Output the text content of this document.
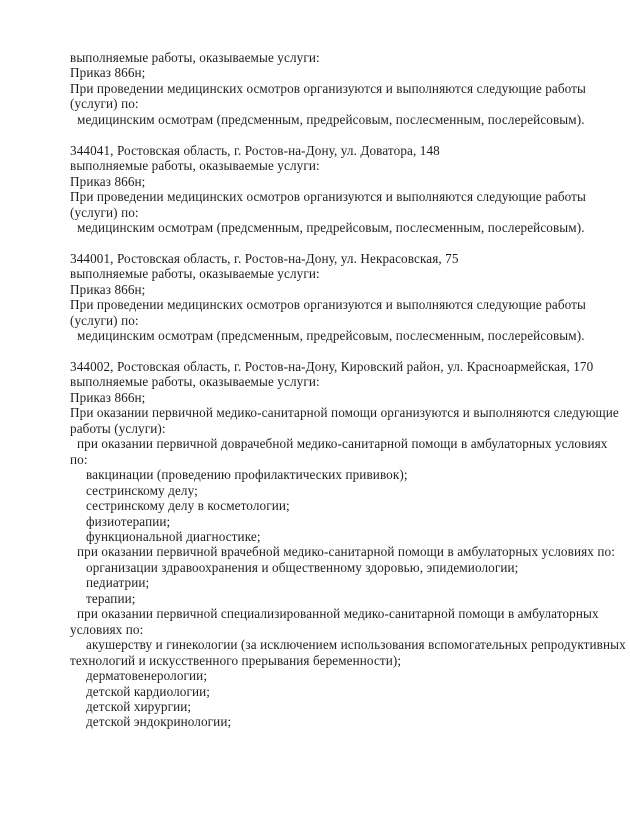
выполняемые работы, оказываемые услуги:
Приказ 866н;
При проведении медицинских осмотров организуются и выполняются следующие работы
(услуги) по:
медицинским осмотрам (предсменным, предрейсовым, послесменным, послерейсовым).
344041, Ростовская область, г. Ростов-на-Дону, ул. Доватора, 148
выполняемые работы, оказываемые услуги:
Приказ 866н;
При проведении медицинских осмотров организуются и выполняются следующие работы
(услуги) по:
медицинским осмотрам (предсменным, предрейсовым, послесменным, послерейсовым).
344001, Ростовская область, г. Ростов-на-Дону, ул. Некрасовская, 75
выполняемые работы, оказываемые услуги:
Приказ 866н;
При проведении медицинских осмотров организуются и выполняются следующие работы
(услуги) по:
медицинским осмотрам (предсменным, предрейсовым, послесменным, послерейсовым).
344002, Ростовская область, г. Ростов-на-Дону, Кировский район, ул. Красноармейская, 170
выполняемые работы, оказываемые услуги:
Приказ 866н;
При оказании первичной медико-санитарной помощи организуются и выполняются следующие
работы (услуги):
при оказании первичной доврачебной медико-санитарной помощи в амбулаторных условиях
по:
вакцинации (проведению профилактических прививок);
сестринскому делу;
сестринскому делу в косметологии;
физиотерапии;
функциональной диагностике;
при оказании первичной врачебной медико-санитарной помощи в амбулаторных условиях по:
организации здравоохранения и общественному здоровью, эпидемиологии;
педиатрии;
терапии;
при оказании первичной специализированной медико-санитарной помощи в амбулаторных
условиях по:
акушерству и гинекологии (за исключением использования вспомогательных репродуктивных
технологий и искусственного прерывания беременности);
дерматовенерологии;
детской кардиологии;
детской хирургии;
детской эндокринологии;
